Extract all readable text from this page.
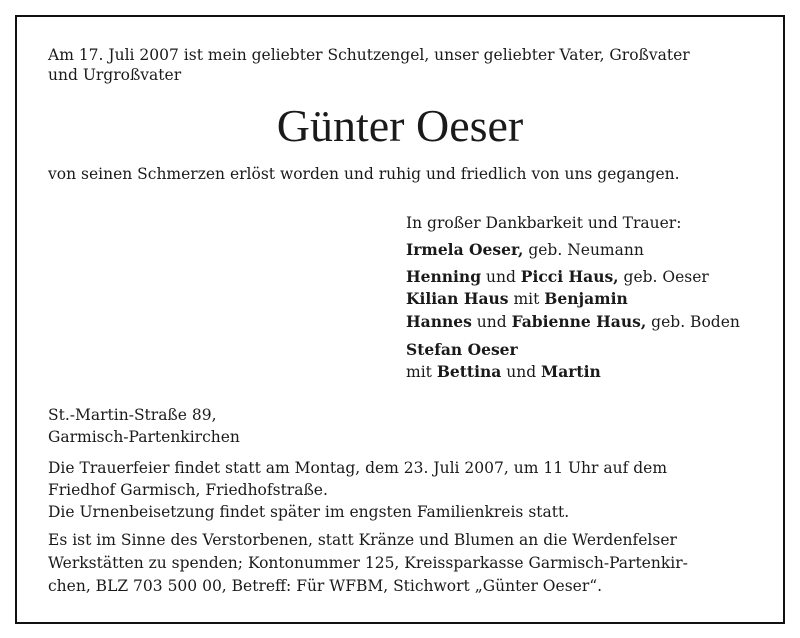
Am 17. Juli 2007 ist mein geliebter Schutzengel, unser geliebter Vater, Großvater
und Urgroßvater
Günter Oeser
von seinen Schmerzen erlöst worden und ruhig und friedlich von uns gegangen.
In großer Dankbarkeit und Trauer:
Irmela Oeser, geb. Neumann
Henning und Picci Haus, geb. Oeser
Kilian Haus mit Benjamin
Hannes und Fabienne Haus, geb. Boden
Stefan Oeser
mit Bettina und Martin
St.-Martin-Straße 89,
Garmisch-Partenkirchen
Die Trauerfeier findet statt am Montag, dem 23. Juli 2007, um 11 Uhr auf dem
Friedhof Garmisch, Friedhofstraße.
Die Urnenbeisetzung findet später im engsten Familienkreis statt.
Es ist im Sinne des Verstorbenen, statt Kränze und Blumen an die Werdenfelser
Werkstätten zu spenden; Kontonummer 125, Kreissparkasse Garmisch-Partenkir-
chen, BLZ 703 500 00, Betreff: Für WFBM, Stichwort „Günter Oeser“.
